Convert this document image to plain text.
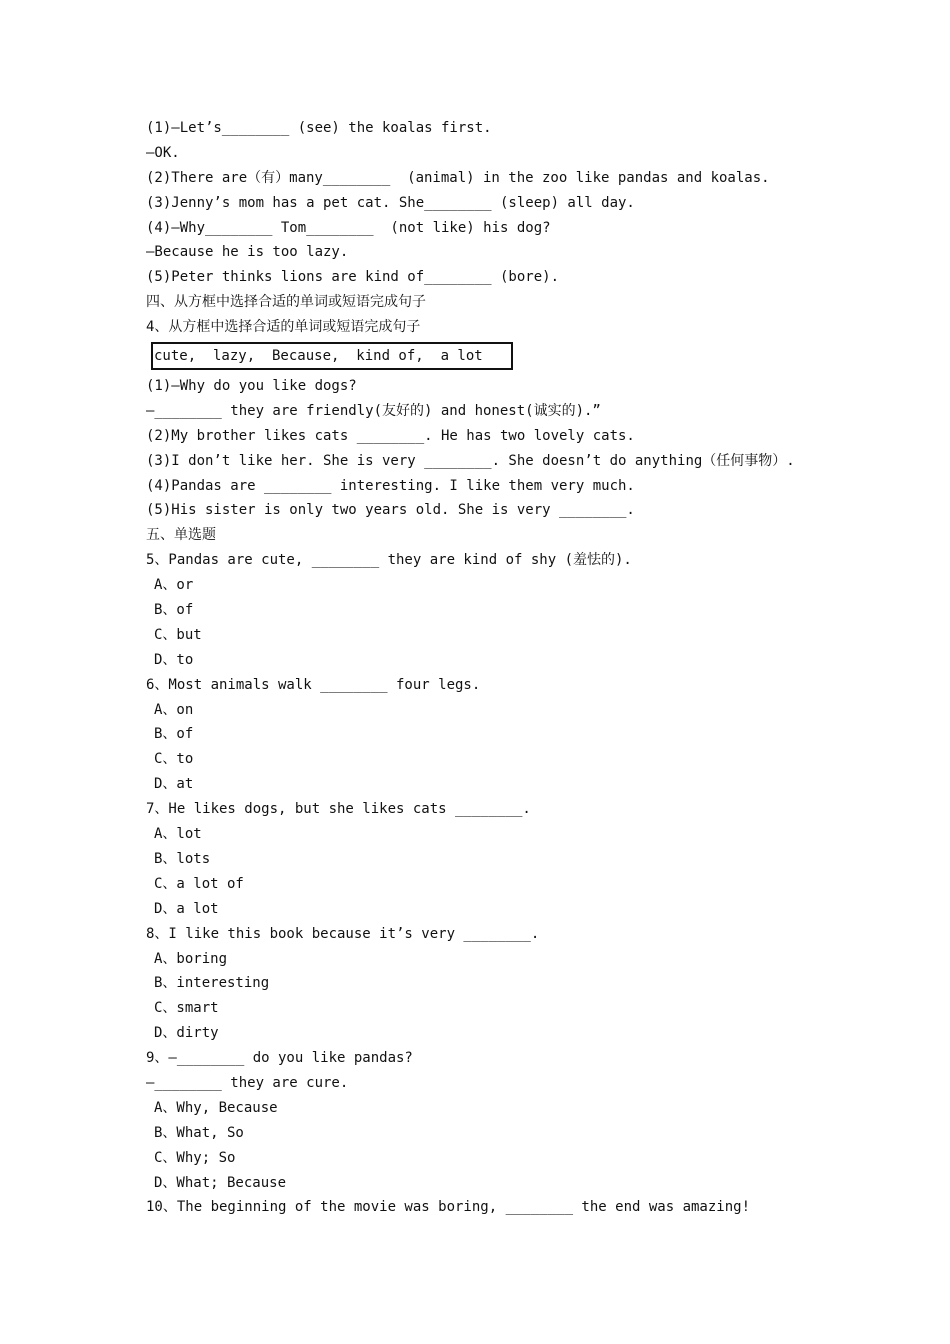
(1)—Let’s________ (see) the koalas first.
—OK.
(2)There are（有）many________  (animal) in the zoo like pandas and koalas.
(3)Jenny’s mom has a pet cat. She________ (sleep) all day.
(4)—Why________ Tom________  (not like) his dog?
—Because he is too lazy.
(5)Peter thinks lions are kind of________ (bore).
四、从方框中选择合适的单词或短语完成句子
4、从方框中选择合适的单词或短语完成句子
cute,  lazy,  Because,  kind of,  a lot
(1)—Why do you like dogs?
—________ they are friendly(友好的) and honest(诚实的).”
(2)My brother likes cats ________. He has two lovely cats.
(3)I don’t like her. She is very ________. She doesn’t do anything（任何事物）.
(4)Pandas are ________ interesting. I like them very much.
(5)His sister is only two years old. She is very ________.
五、单选题
5、Pandas are cute, ________ they are kind of shy (羞怯的).
A、or
B、of
C、but
D、to
6、Most animals walk ________ four legs.
A、on
B、of
C、to
D、at
7、He likes dogs, but she likes cats ________.
A、lot
B、lots
C、a lot of
D、a lot
8、I like this book because it’s very ________.
A、boring
B、interesting
C、smart
D、dirty
9、—________ do you like pandas?
—________ they are cure.
A、Why, Because
B、What, So
C、Why; So
D、What; Because
10、The beginning of the movie was boring, ________ the end was amazing!
